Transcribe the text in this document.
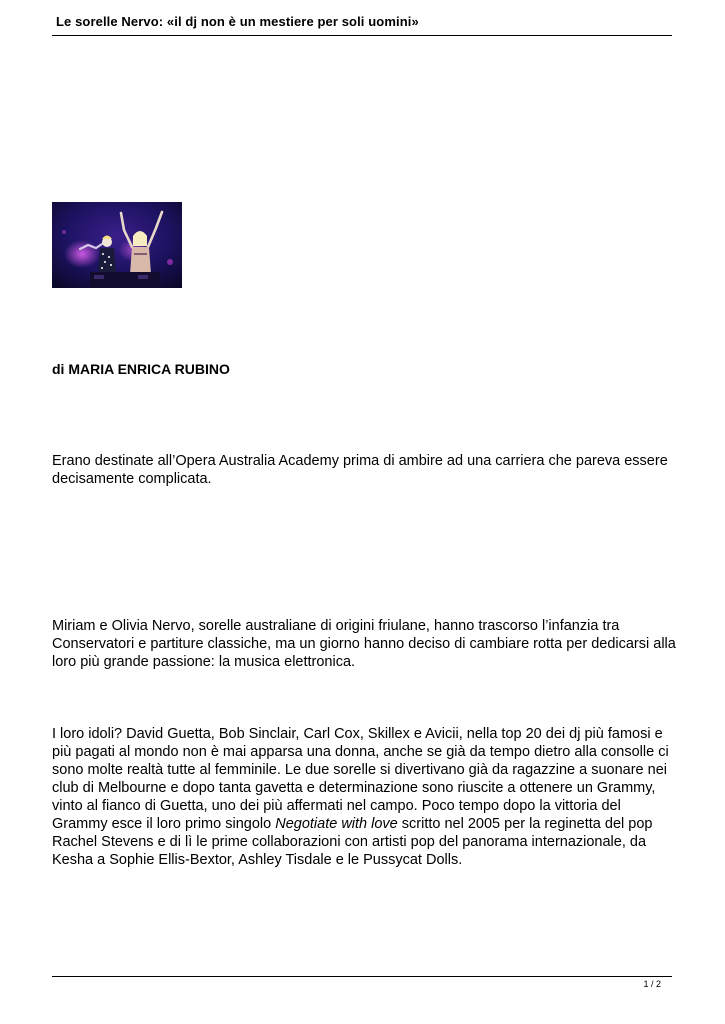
Le sorelle Nervo: «il dj non è un mestiere per soli uomini»
di MARIA ENRICA RUBINO

Erano destinate all’Opera Australia Academy prima di ambire ad una carriera che pareva essere decisamente complicata.

Miriam e Olivia Nervo, sorelle australiane di origini friulane, hanno trascorso l’infanzia tra Conservatori e partiture classiche, ma un giorno hanno deciso di cambiare rotta per dedicarsi alla loro più grande passione: la musica elettronica.

I loro idoli? David Guetta, Bob Sinclair, Carl Cox, Skillex e Avicii, nella top 20 dei dj più famosi e più pagati al mondo non è mai apparsa una donna, anche se già da tempo dietro alla consolle ci sono molte realtà tutte al femminile. Le due sorelle si divertivano già da ragazzine a suonare nei club di Melbourne e dopo tanta gavetta e determinazione sono riuscite a ottenere un Grammy, vinto al fianco di Guetta, uno dei più affermati nel campo. Poco tempo dopo la vittoria del Grammy esce il loro primo singolo Negotiate with love scritto nel 2005 per la reginetta del pop Rachel Stevens e di lì le prime collaborazioni con artisti pop del panorama internazionale, da Kesha a Sophie Ellis-Bextor, Ashley Tisdale e le Pussycat Dolls.

1 / 2
